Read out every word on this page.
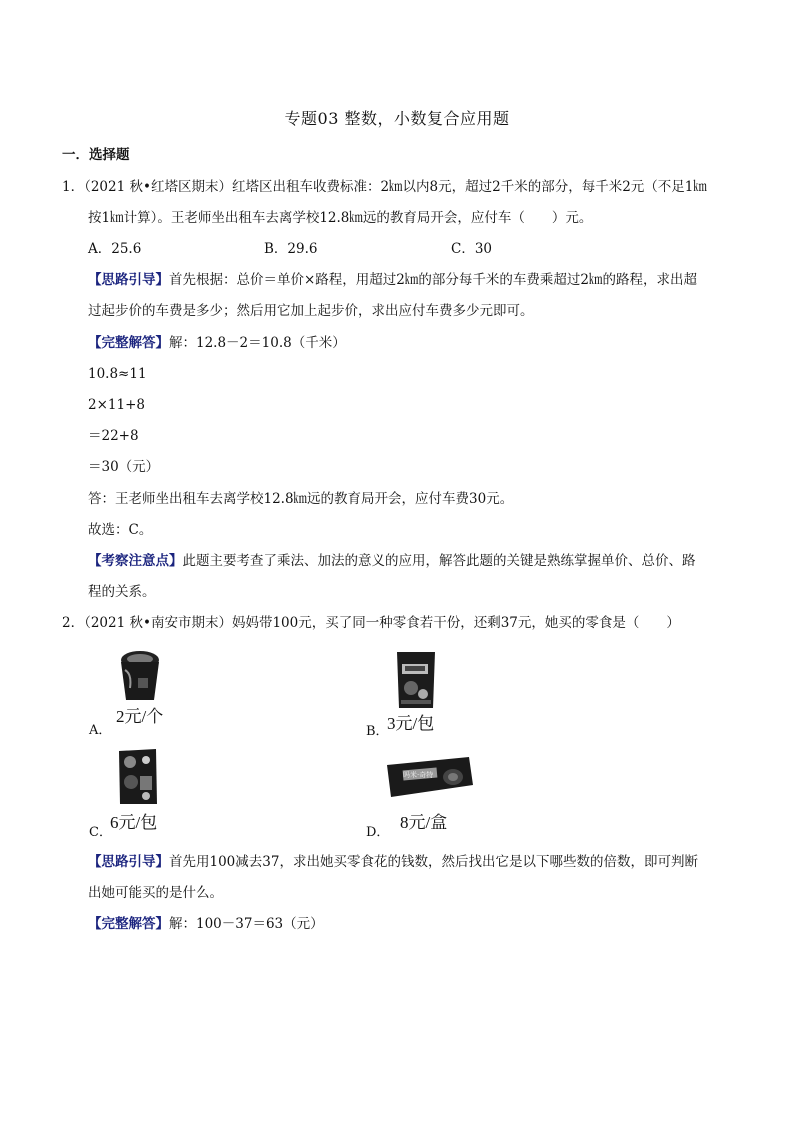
专题03 整数，小数复合应用题
一．选择题
1．（2021 秋•红塔区期末）红塔区出租车收费标准：2㎞以内8元，超过2千米的部分，每千米2元（不足1㎞
按1㎞计算）。王老师坐出租车去离学校12.8㎞远的教育局开会，应付车（　　）元。
A．25.6	B．29.6	C．30
【思路引导】首先根据：总价＝单价×路程，用超过2㎞的部分每千米的车费乘超过2㎞的路程，求出超
过起步价的车费是多少；然后用它加上起步价，求出应付车费多少元即可。
【完整解答】解：12.8－2＝10.8（千米）
10.8≈11
2×11+8
＝22+8
＝30（元）
答：王老师坐出租车去离学校12.8㎞远的教育局开会，应付车费30元。
故选：C。
【考察注意点】此题主要考查了乘法、加法的意义的应用，解答此题的关键是熟练掌握单价、总价、路
程的关系。
2．（2021 秋•南安市期末）妈妈带100元，买了同一种零食若干份，还剩37元，她买的零食是（　　）
2元/个
A．	3元/包
B．
6元/包
C．
吗米·奇特
8元/盒
D．
【思路引导】首先用100减去37，求出她买零食花的钱数，然后找出它是以下哪些数的倍数，即可判断
出她可能买的是什么。
【完整解答】解：100－37＝63（元）
